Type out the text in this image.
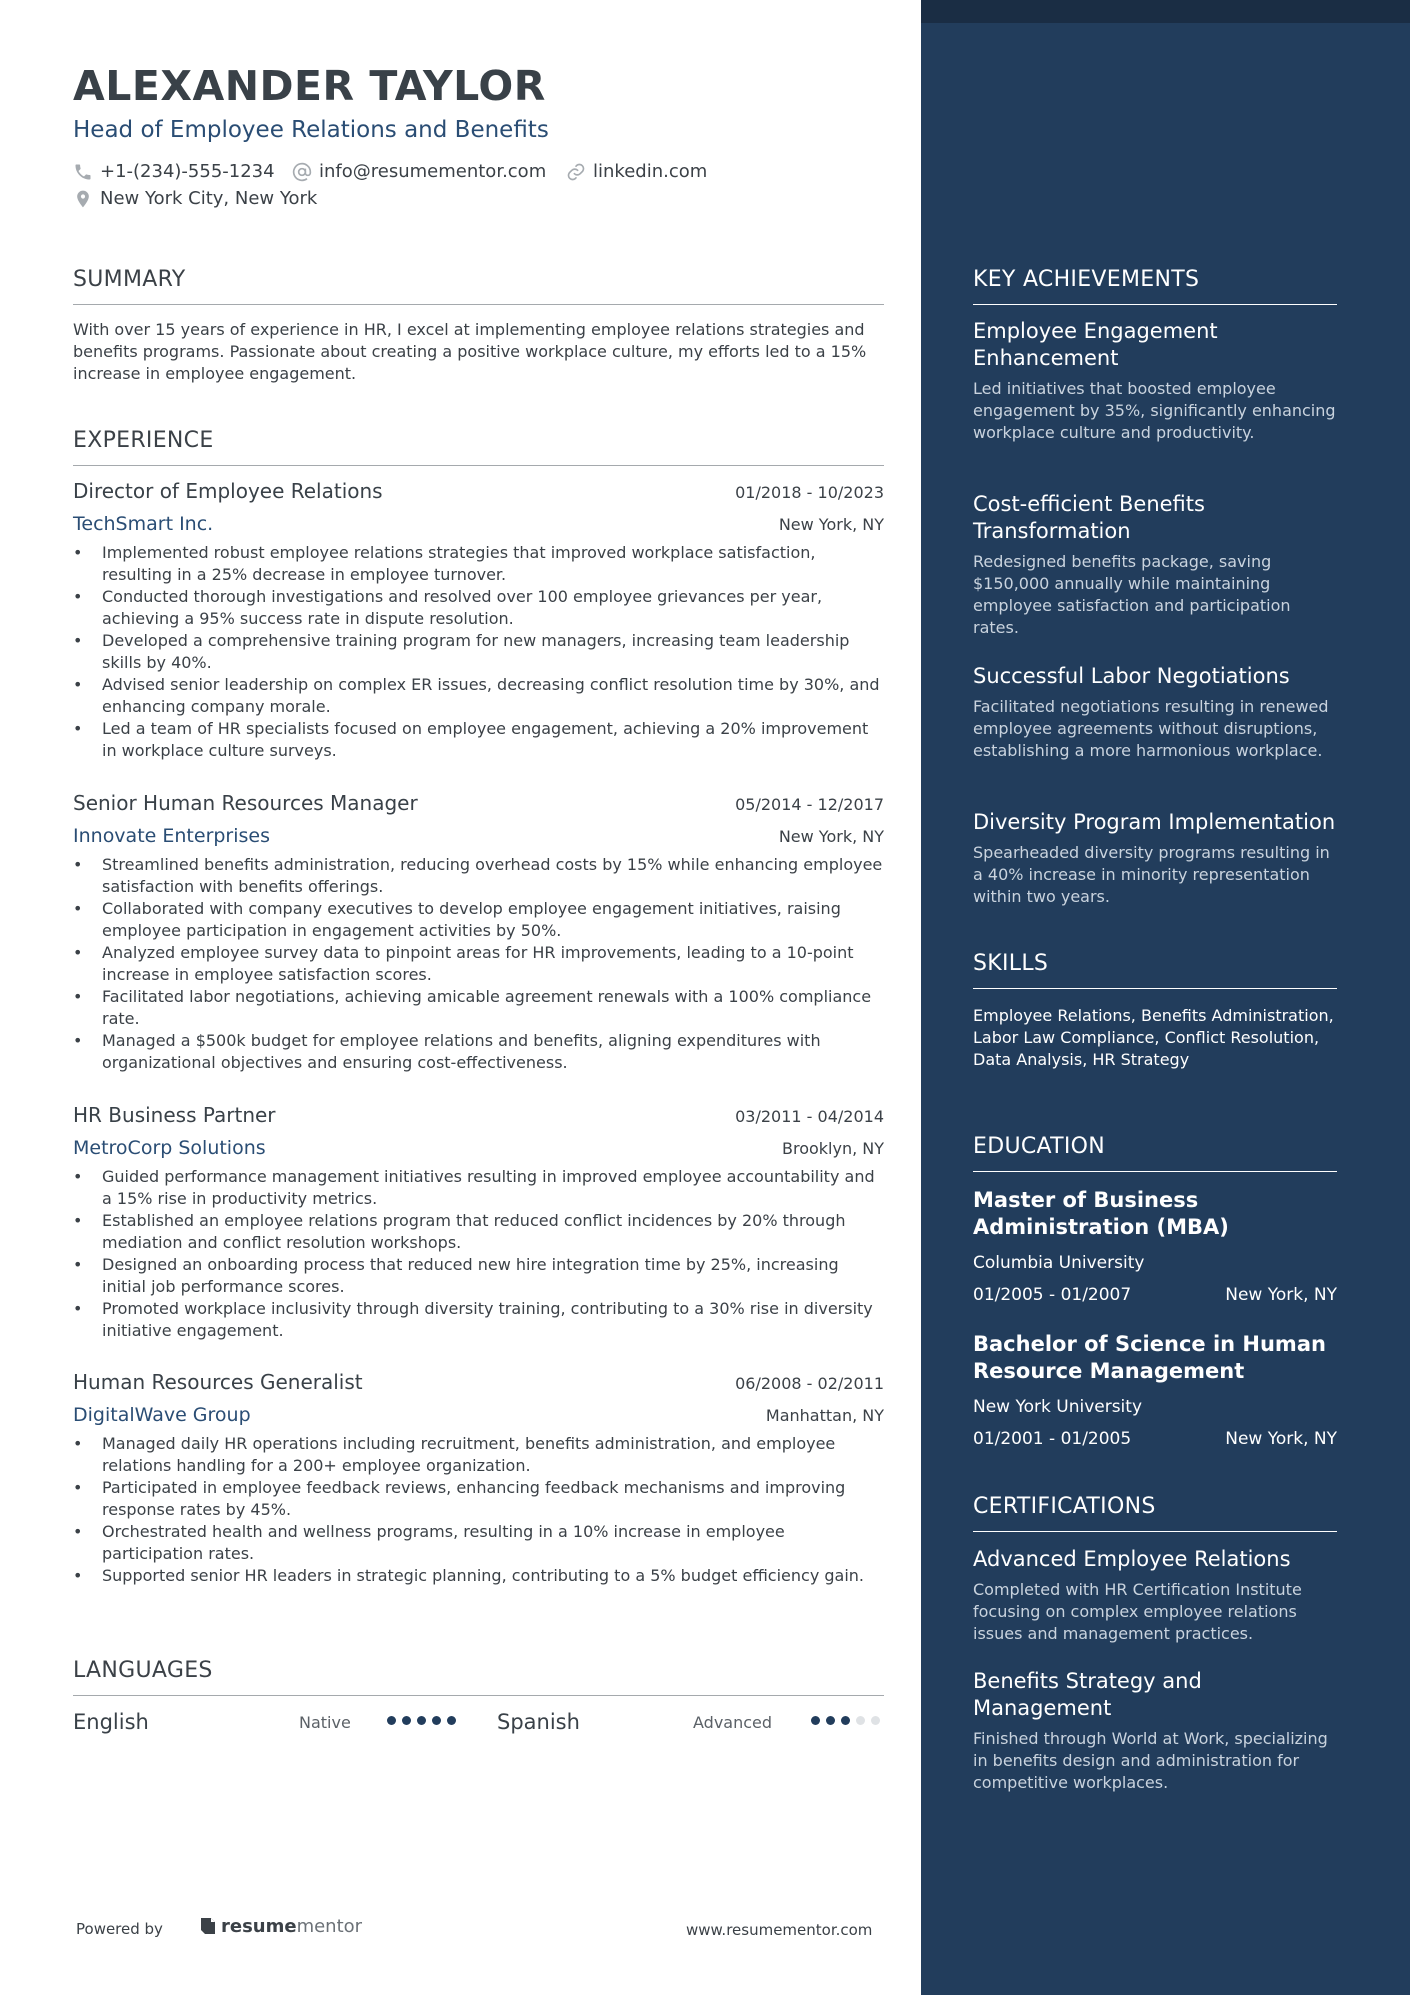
ALEXANDER TAYLOR
Head of Employee Relations and Benefits
+1-(234)-555-1234 info@resumementor.com	linkedin.com
New York City, New York
SUMMARY
With over 15 years of experience in HR, I excel at implementing employee relations strategies and benefits programs. Passionate about creating a positive workplace culture, my efforts led to a 15% increase in employee engagement.
EXPERIENCE
Director of Employee Relations	01/2018 - 10/2023
TechSmart Inc.	New York, NY
• Implemented robust employee relations strategies that improved workplace satisfaction, resulting in a 25% decrease in employee turnover.
• Conducted thorough investigations and resolved over 100 employee grievances per year, achieving a 95% success rate in dispute resolution.
• Developed a comprehensive training program for new managers, increasing team leadership skills by 40%.
• Advised senior leadership on complex ER issues, decreasing conflict resolution time by 30%, and enhancing company morale.
• Led a team of HR specialists focused on employee engagement, achieving a 20% improvement in workplace culture surveys.
Senior Human Resources Manager	05/2014 - 12/2017
Innovate Enterprises	New York, NY
• Streamlined benefits administration, reducing overhead costs by 15% while enhancing employee satisfaction with benefits offerings.
• Collaborated with company executives to develop employee engagement initiatives, raising employee participation in engagement activities by 50%.
• Analyzed employee survey data to pinpoint areas for HR improvements, leading to a 10-point increase in employee satisfaction scores.
• Facilitated labor negotiations, achieving amicable agreement renewals with a 100% compliance rate.
• Managed a $500k budget for employee relations and benefits, aligning expenditures with organizational objectives and ensuring cost-effectiveness.
HR Business Partner	03/2011 - 04/2014
MetroCorp Solutions	Brooklyn, NY
• Guided performance management initiatives resulting in improved employee accountability and a 15% rise in productivity metrics.
• Established an employee relations program that reduced conflict incidences by 20% through mediation and conflict resolution workshops.
• Designed an onboarding process that reduced new hire integration time by 25%, increasing initial job performance scores.
• Promoted workplace inclusivity through diversity training, contributing to a 30% rise in diversity initiative engagement.
Human Resources Generalist	06/2008 - 02/2011
DigitalWave Group	Manhattan, NY
• Managed daily HR operations including recruitment, benefits administration, and employee relations handling for a 200+ employee organization.
• Participated in employee feedback reviews, enhancing feedback mechanisms and improving response rates by 45%.
• Orchestrated health and wellness programs, resulting in a 10% increase in employee participation rates.
• Supported senior HR leaders in strategic planning, contributing to a 5% budget efficiency gain.
LANGUAGES
English	Native	Spanish	Advanced
Powered by	resume mentor	www.resumementor.com
KEY ACHIEVEMENTS
Employee Engagement Enhancement
Led initiatives that boosted employee engagement by 35%, significantly enhancing workplace culture and productivity.
Cost-efficient Benefits Transformation
Redesigned benefits package, saving $150,000 annually while maintaining employee satisfaction and participation rates.
Successful Labor Negotiations
Facilitated negotiations resulting in renewed employee agreements without disruptions, establishing a more harmonious workplace.
Diversity Program Implementation
Spearheaded diversity programs resulting in a 40% increase in minority representation within two years.
SKILLS
Employee Relations, Benefits Administration, Labor Law Compliance, Conflict Resolution, Data Analysis, HR Strategy
EDUCATION
Master of Business Administration (MBA)
Columbia University
01/2005 - 01/2007	New York, NY
Bachelor of Science in Human Resource Management
New York University
01/2001 - 01/2005	New York, NY
CERTIFICATIONS
Advanced Employee Relations
Completed with HR Certification Institute focusing on complex employee relations issues and management practices.
Benefits Strategy and Management
Finished through World at Work, specializing in benefits design and administration for competitive workplaces.
